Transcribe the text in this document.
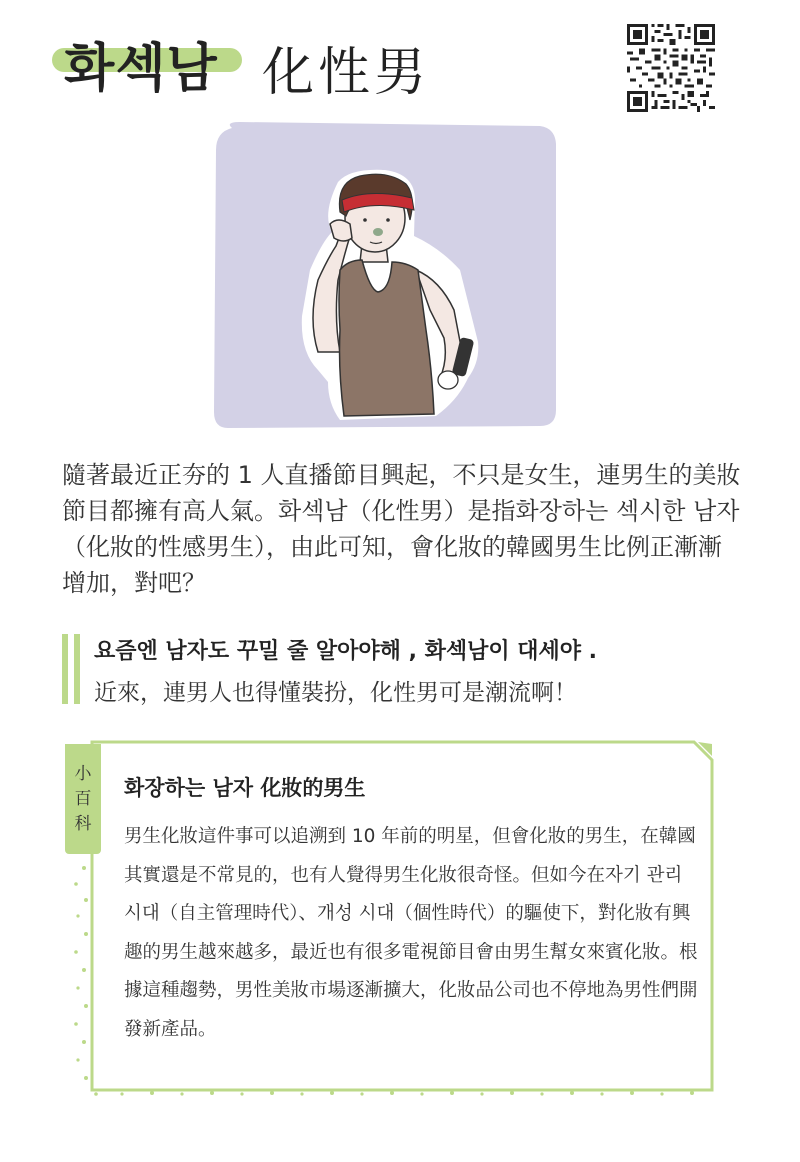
화섹남 化性男

隨著最近正夯的 1 人直播節目興起，不只是女生，連男生的美妝節目都擁有高人氣。화섹남（化性男）是指화장하는 섹시한 남자（化妝的性感男生），由此可知，會化妝的韓國男生比例正漸漸增加，對吧？

요즘엔 남자도 꾸밀 줄 알아야해 , 화섹남이 대세야 .
近來，連男人也得懂裝扮，化性男可是潮流啊！
小百科
화장하는 남자 化妝的男生

男生化妝這件事可以追溯到 10 年前的明星，但會化妝的男生，在韓國其實還是不常見的，也有人覺得男生化妝很奇怪。但如今在자기 관리 시대（自主管理時代）、개성 시대（個性時代）的驅使下，對化妝有興趣的男生越來越多，最近也有很多電視節目會由男生幫女來賓化妝。根據這種趨勢，男性美妝市場逐漸擴大，化妝品公司也不停地為男性們開發新產品。
